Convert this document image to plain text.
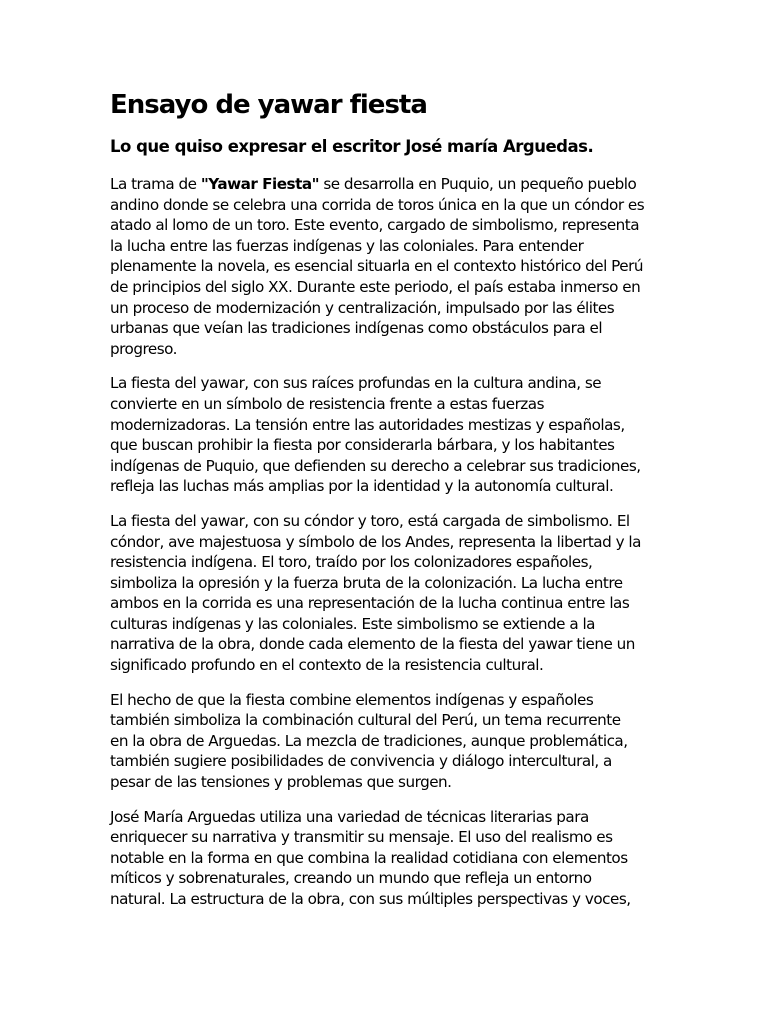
Ensayo de yawar fiesta
Lo que quiso expresar el escritor José maría Arguedas.
La trama de "Yawar Fiesta" se desarrolla en Puquio, un pequeño pueblo
andino donde se celebra una corrida de toros única en la que un cóndor es
atado al lomo de un toro. Este evento, cargado de simbolismo, representa
la lucha entre las fuerzas indígenas y las coloniales. Para entender
plenamente la novela, es esencial situarla en el contexto histórico del Perú
de principios del siglo XX. Durante este periodo, el país estaba inmerso en
un proceso de modernización y centralización, impulsado por las élites
urbanas que veían las tradiciones indígenas como obstáculos para el
progreso.
La fiesta del yawar, con sus raíces profundas en la cultura andina, se
convierte en un símbolo de resistencia frente a estas fuerzas
modernizadoras. La tensión entre las autoridades mestizas y españolas,
que buscan prohibir la fiesta por considerarla bárbara, y los habitantes
indígenas de Puquio, que defienden su derecho a celebrar sus tradiciones,
refleja las luchas más amplias por la identidad y la autonomía cultural.
La fiesta del yawar, con su cóndor y toro, está cargada de simbolismo. El
cóndor, ave majestuosa y símbolo de los Andes, representa la libertad y la
resistencia indígena. El toro, traído por los colonizadores españoles,
simboliza la opresión y la fuerza bruta de la colonización. La lucha entre
ambos en la corrida es una representación de la lucha continua entre las
culturas indígenas y las coloniales. Este simbolismo se extiende a la
narrativa de la obra, donde cada elemento de la fiesta del yawar tiene un
significado profundo en el contexto de la resistencia cultural.
El hecho de que la fiesta combine elementos indígenas y españoles
también simboliza la combinación cultural del Perú, un tema recurrente
en la obra de Arguedas. La mezcla de tradiciones, aunque problemática,
también sugiere posibilidades de convivencia y diálogo intercultural, a
pesar de las tensiones y problemas que surgen.
José María Arguedas utiliza una variedad de técnicas literarias para
enriquecer su narrativa y transmitir su mensaje. El uso del realismo es
notable en la forma en que combina la realidad cotidiana con elementos
míticos y sobrenaturales, creando un mundo que refleja un entorno
natural. La estructura de la obra, con sus múltiples perspectivas y voces,
